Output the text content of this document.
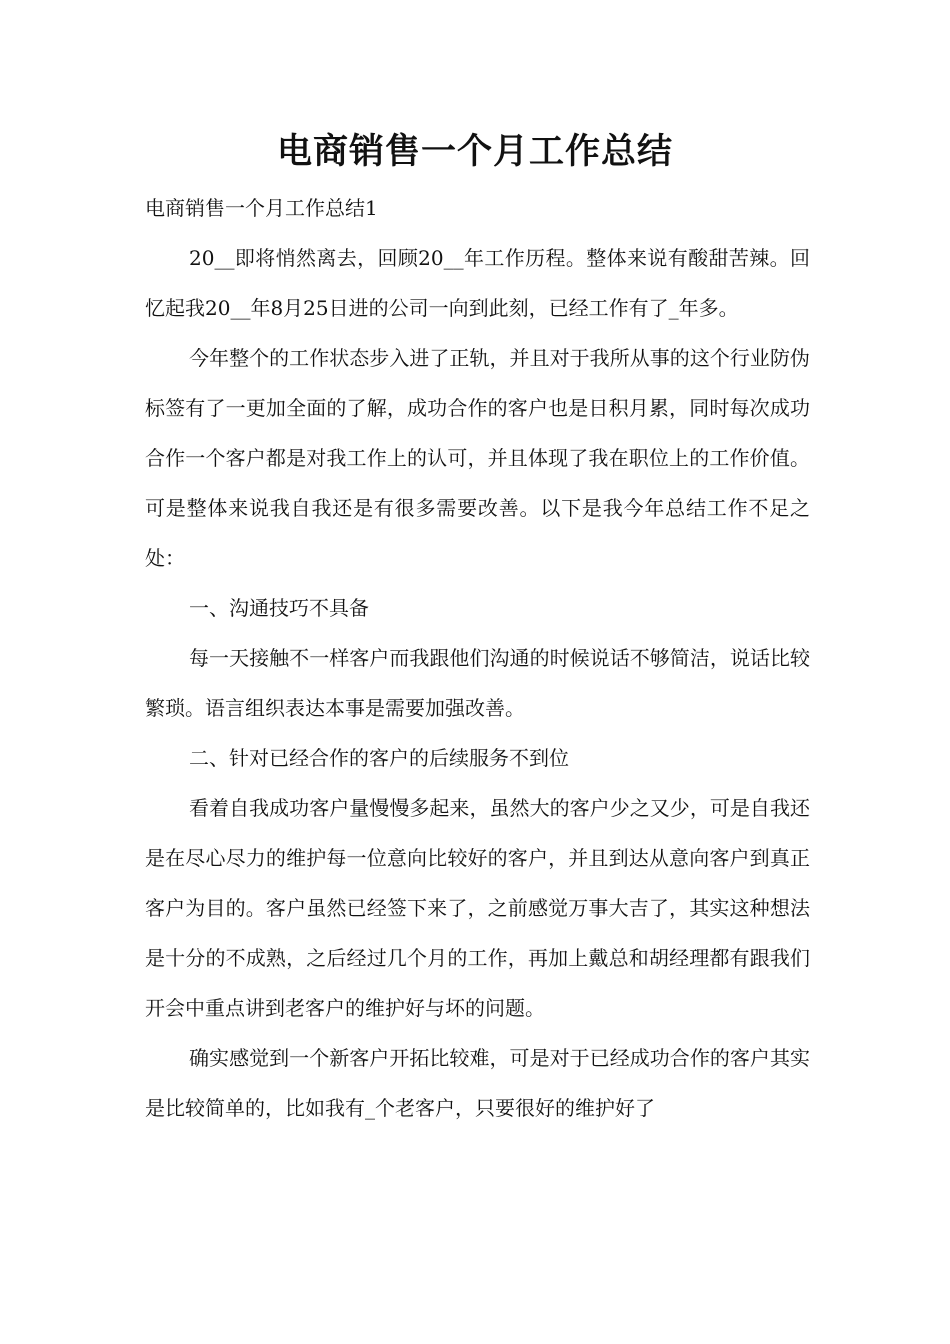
电商销售一个月工作总结

电商销售一个月工作总结1

20__即将悄然离去，回顾20__年工作历程。整体来说有酸甜苦辣。回忆起我20__年8月25日进的公司一向到此刻，已经工作有了_年多。

今年整个的工作状态步入进了正轨，并且对于我所从事的这个行业防伪标签有了一更加全面的了解，成功合作的客户也是日积月累，同时每次成功合作一个客户都是对我工作上的认可，并且体现了我在职位上的工作价值。可是整体来说我自我还是有很多需要改善。以下是我今年总结工作不足之处：

一、沟通技巧不具备

每一天接触不一样客户而我跟他们沟通的时候说话不够简洁，说话比较繁琐。语言组织表达本事是需要加强改善。

二、针对已经合作的客户的后续服务不到位

看着自我成功客户量慢慢多起来，虽然大的客户少之又少，可是自我还是在尽心尽力的维护每一位意向比较好的客户，并且到达从意向客户到真正客户为目的。客户虽然已经签下来了，之前感觉万事大吉了，其实这种想法是十分的不成熟，之后经过几个月的工作，再加上戴总和胡经理都有跟我们开会中重点讲到老客户的维护好与坏的问题。

确实感觉到一个新客户开拓比较难，可是对于已经成功合作的客户其实是比较简单的，比如我有_个老客户，只要很好的维护好了
